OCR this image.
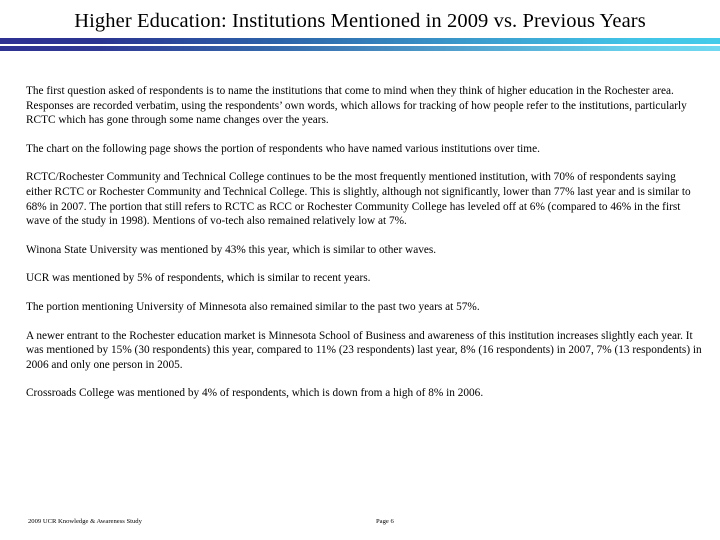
Higher Education: Institutions Mentioned in 2009 vs. Previous Years

The first question asked of respondents is to name the institutions that come to mind when they think of higher education in the Rochester area. Responses are recorded verbatim, using the respondents’ own words, which allows for tracking of how people refer to the institutions, particularly RCTC which has gone through some name changes over the years.

The chart on the following page shows the portion of respondents who have named various institutions over time.

RCTC/Rochester Community and Technical College continues to be the most frequently mentioned institution, with 70% of respondents saying either RCTC or Rochester Community and Technical College. This is slightly, although not significantly, lower than 77% last year and is similar to 68% in 2007. The portion that still refers to RCTC as RCC or Rochester Community College has leveled off at 6% (compared to 46% in the first wave of the study in 1998). Mentions of vo-tech also remained relatively low at 7%.

Winona State University was mentioned by 43% this year, which is similar to other waves.

UCR was mentioned by 5% of respondents, which is similar to recent years.

The portion mentioning University of Minnesota also remained similar to the past two years at 57%.

A newer entrant to the Rochester education market is Minnesota School of Business and awareness of this institution increases slightly each year. It was mentioned by 15% (30 respondents) this year, compared to 11% (23 respondents) last year, 8% (16 respondents) in 2007, 7% (13 respondents) in 2006 and only one person in 2005.

Crossroads College was mentioned by 4% of respondents, which is down from a high of 8% in 2006.

2009 UCR Knowledge & Awareness Study	Page 6
